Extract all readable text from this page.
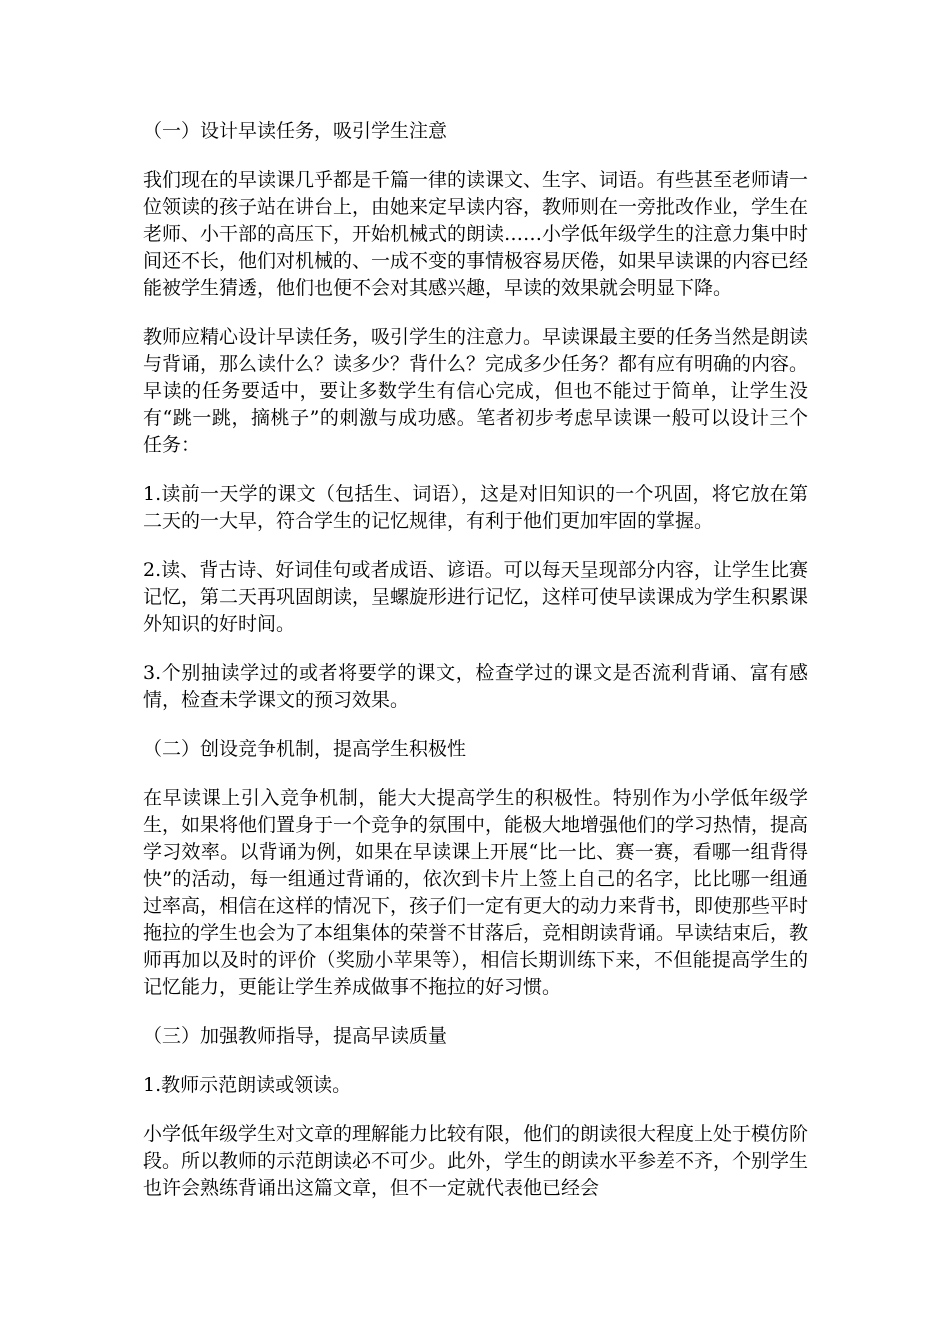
（一）设计早读任务，吸引学生注意

我们现在的早读课几乎都是千篇一律的读课文、生字、词语。有些甚至老师请一位领读的孩子站在讲台上，由她来定早读内容，教师则在一旁批改作业，学生在老师、小干部的高压下，开始机械式的朗读……小学低年级学生的注意力集中时间还不长，他们对机械的、一成不变的事情极容易厌倦，如果早读课的内容已经能被学生猜透，他们也便不会对其感兴趣，早读的效果就会明显下降。

教师应精心设计早读任务，吸引学生的注意力。早读课最主要的任务当然是朗读与背诵，那么读什么？读多少？背什么？完成多少任务？都有应有明确的内容。早读的任务要适中，要让多数学生有信心完成，但也不能过于简单，让学生没有“跳一跳，摘桃子”的刺激与成功感。笔者初步考虑早读课一般可以设计三个任务：

1.读前一天学的课文（包括生、词语），这是对旧知识的一个巩固，将它放在第二天的一大早，符合学生的记忆规律，有利于他们更加牢固的掌握。

2.读、背古诗、好词佳句或者成语、谚语。可以每天呈现部分内容，让学生比赛记忆，第二天再巩固朗读，呈螺旋形进行记忆，这样可使早读课成为学生积累课外知识的好时间。

3.个别抽读学过的或者将要学的课文，检查学过的课文是否流利背诵、富有感情，检查未学课文的预习效果。

（二）创设竞争机制，提高学生积极性

在早读课上引入竞争机制，能大大提高学生的积极性。特别作为小学低年级学生，如果将他们置身于一个竞争的氛围中，能极大地增强他们的学习热情，提高学习效率。以背诵为例，如果在早读课上开展“比一比、赛一赛，看哪一组背得快”的活动，每一组通过背诵的，依次到卡片上签上自己的名字，比比哪一组通过率高，相信在这样的情况下，孩子们一定有更大的动力来背书，即使那些平时拖拉的学生也会为了本组集体的荣誉不甘落后，竞相朗读背诵。早读结束后，教师再加以及时的评价（奖励小苹果等），相信长期训练下来，不但能提高学生的记忆能力，更能让学生养成做事不拖拉的好习惯。

（三）加强教师指导，提高早读质量

1.教师示范朗读或领读。

小学低年级学生对文章的理解能力比较有限，他们的朗读很大程度上处于模仿阶段。所以教师的示范朗读必不可少。此外，学生的朗读水平参差不齐，个别学生也许会熟练背诵出这篇文章，但不一定就代表他已经会
